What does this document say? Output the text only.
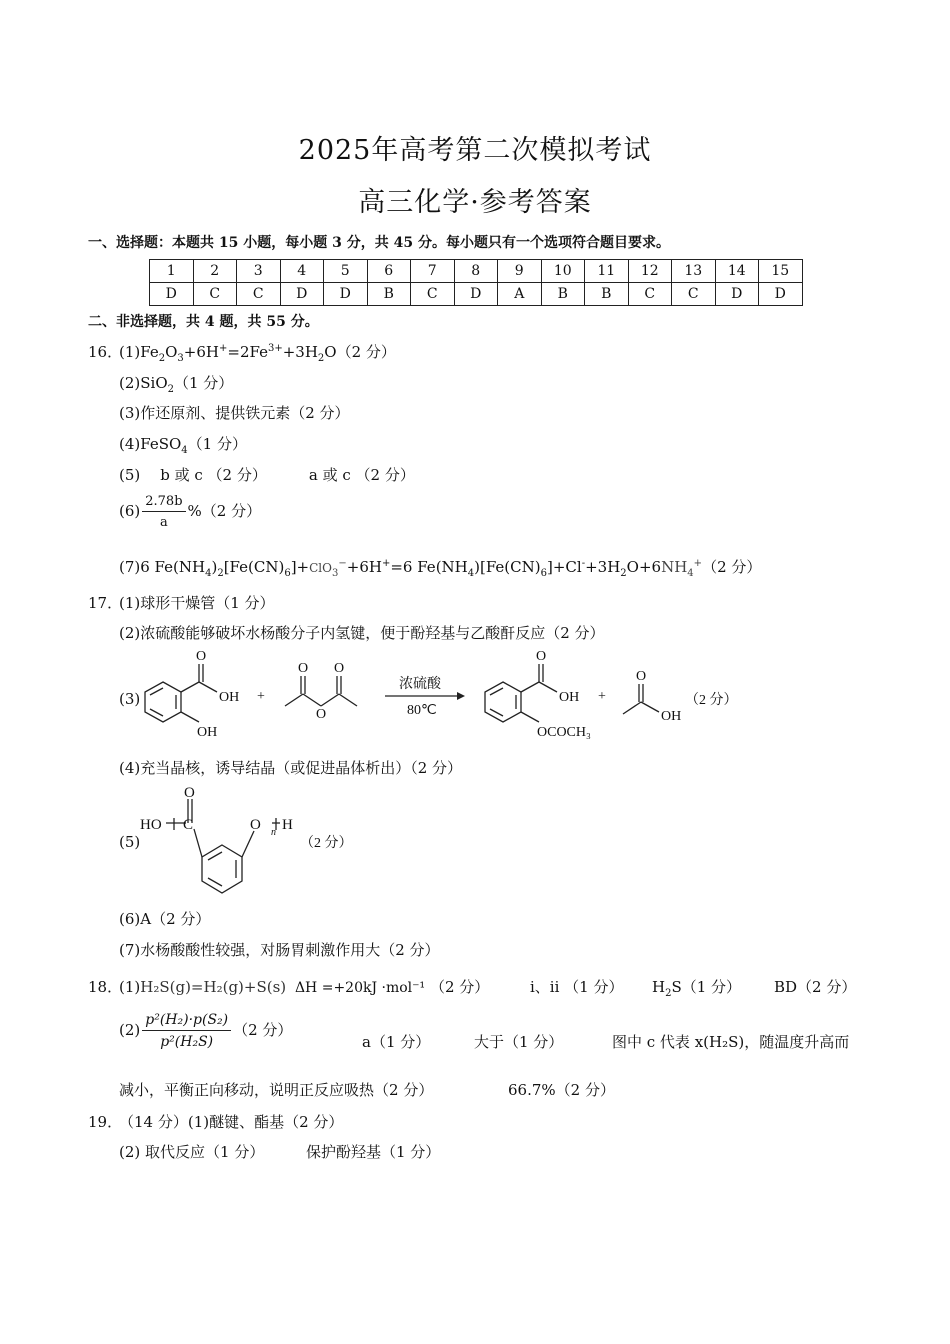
2025年高考第二次模拟考试
高三化学·参考答案
一、选择题：本题共 15 小题，每小题 3 分，共 45 分。每小题只有一个选项符合题目要求。
1	2	3	4	5	6	7	8	9	10	11	12	13	14	15
D	C	C	D	D	B	C	D	A	B	B	C	C	D	D
二、非选择题，共 4 题，共 55 分。
16．
$(1)Fe_2O_3+6H^+=2Fe^{3+}+3H_2O(2$ 分）
(2)SiO$_2$（1 分）
(3)作还原剂、提供铁元素（2 分）
(4)FeSO$_4$（1 分）
(5) b 或 c （2 分）	a 或 c （2 分）
$(6) \frac{2.78b}{a} \%(2$ 分）
(7)6 $Fe(NH_4)_2[Fe(CN)_6]+ClO_3^-+6H^+=6$ $Fe(NH_4)[Fe(CN)_6]+Cl^-+3H_2O+6NH_4^+(2$ 分）
17．
(1)球形干燥管（1 分）
(2)浓硫酸能够破坏水杨酸分子内氢键，便于酚羟基与乙酸酐反应（2 分）
(3)
O
OH
OH
+
O O
O
浓硫酸
80℃
O
OH
OCOCH₃
+
O
OH
（2 分）
(4)充当晶核，诱导结晶（或促进晶体析出）（2 分）
(5)
HO
O
C	O n H
（2 分）
(6)A（2 分）
(7)水杨酸酸性较强，对肠胃刺激作用大（2 分）
18．
(1)H₂S(g)=H₂(g)+S(s) ΔH =+20kJ ·mol⁻¹ （2 分）	i、ii （1 分） $H_2S(1$ 分） BD（2 分）
$(2) \frac{\text{p²(H₂)·p(S₂)}}{\text{p²(H₂S)}} (2$ 分）
a（1 分）	大于（1 分）	图中 c 代表 x(H₂S)，随温度升高而
减小，平衡正向移动，说明正反应吸热（2 分）	66.7%（2 分）
19．
（14 分）(1)醚键、酯基（2 分）
(2) 取代反应（1 分）	保护酚羟基（1 分）
